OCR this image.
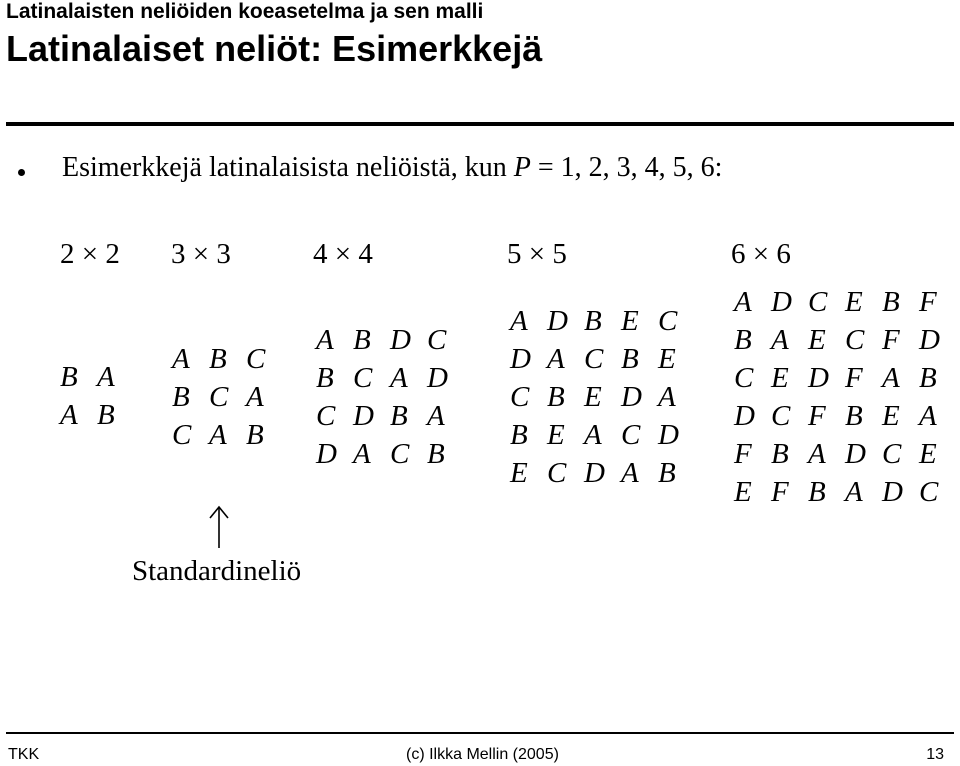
Latinalaisten neliöiden koeasetelma ja sen malli
Latinalaiset neliöt: Esimerkkejä
Esimerkkejä latinalaisista neliöistä, kun P = 1, 2, 3, 4, 5, 6:
2 × 2 3 × 3	4 × 4	5 × 5	6 × 6
B A
A B
A B C
B C A
C A B
A B D C
B C A D
C D B A
D A C B
A D B E C
D A C B E
C B E D A
B E A C D
E C D A B
A D C E B F
B A E C F D
C E D F A B
D C F B E A
F B A D C E
E F B A D C
Standardineliö
TKK	(c) Ilkka Mellin (2005)	13
